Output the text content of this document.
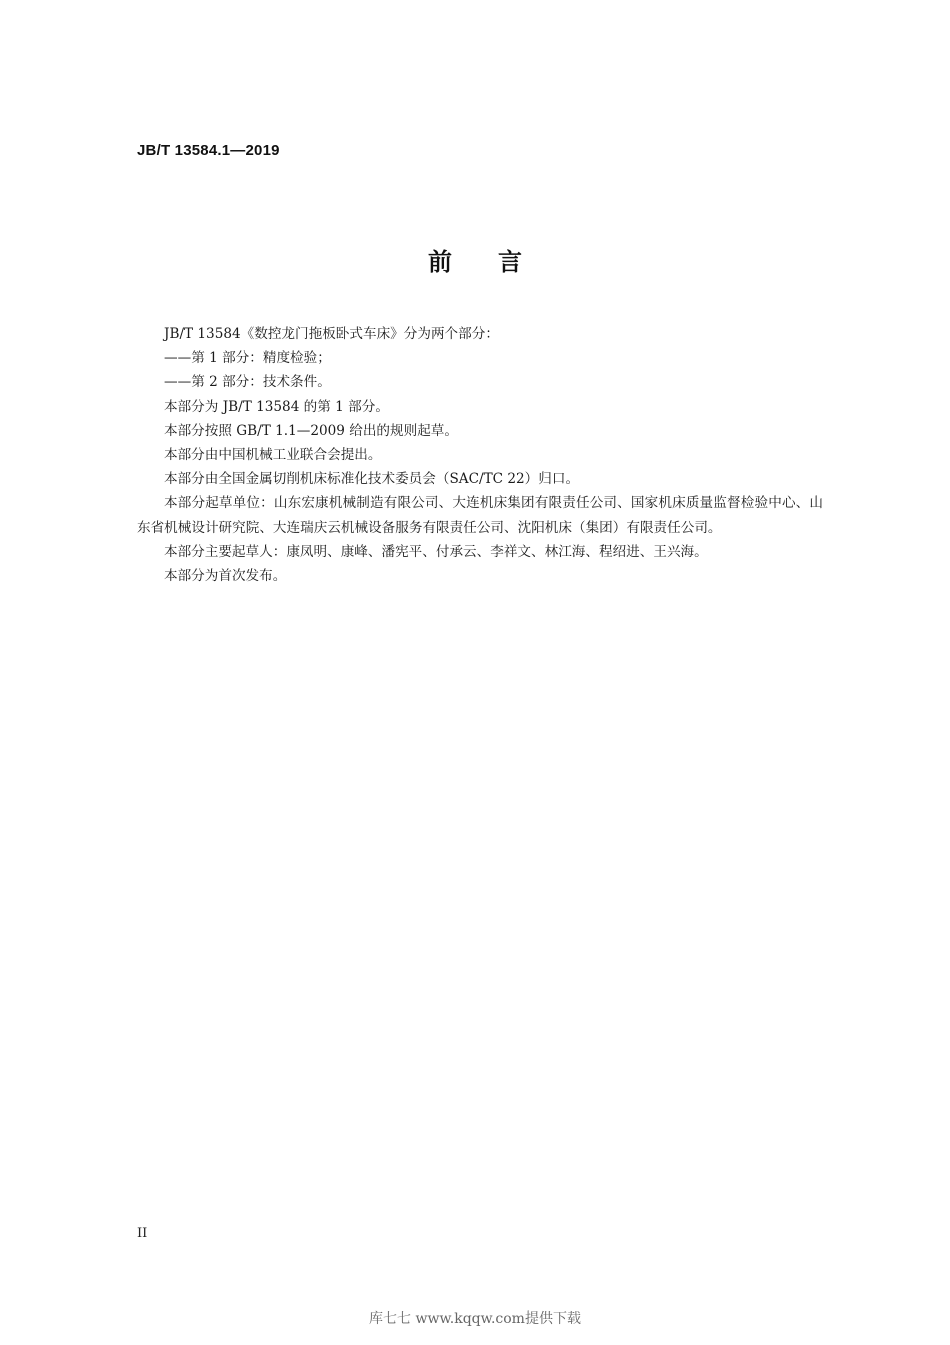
JB/T 13584.1—2019
前 言

JB/T 13584《数控龙门拖板卧式车床》分为两个部分：

——第 1 部分：精度检验；

——第 2 部分：技术条件。

本部分为 JB/T 13584 的第 1 部分。

本部分按照 GB/T 1.1—2009 给出的规则起草。

本部分由中国机械工业联合会提出。

本部分由全国金属切削机床标准化技术委员会（SAC/TC 22）归口。

本部分起草单位：山东宏康机械制造有限公司、大连机床集团有限责任公司、国家机床质量监督检验中心、山东省机械设计研究院、大连瑞庆云机械设备服务有限责任公司、沈阳机床（集团）有限责任公司。

本部分主要起草人：康凤明、康峰、潘宪平、付承云、李祥文、林江海、程绍进、王兴海。

本部分为首次发布。

II
库七七 www.kqqw.com提供下载
